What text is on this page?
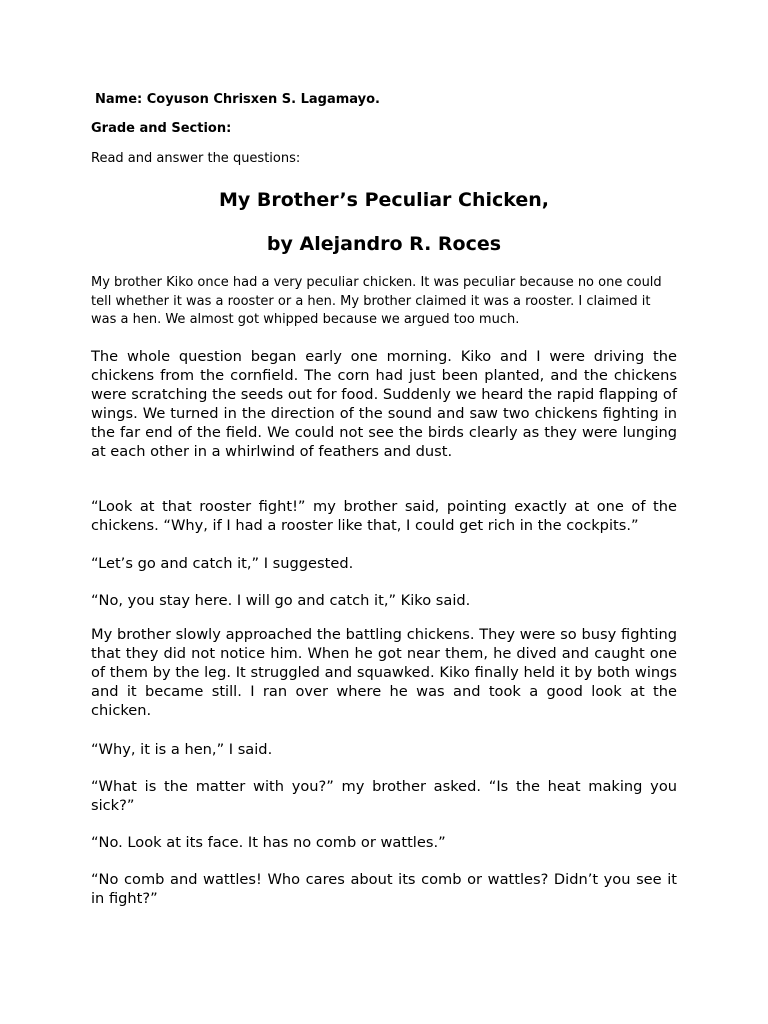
Name: Coyuson Chrisxen S. Lagamayo.

Grade and Section:

Read and answer the questions:

My Brother’s Peculiar Chicken,
by Alejandro R. Roces

My brother Kiko once had a very peculiar chicken. It was peculiar because no one could tell whether it was a rooster or a hen. My brother claimed it was a rooster. I claimed it was a hen. We almost got whipped because we argued too much.

The whole question began early one morning. Kiko and I were driving the chickens from the cornfield. The corn had just been planted, and the chickens were scratching the seeds out for food. Suddenly we heard the rapid flapping of wings. We turned in the direction of the sound and saw two chickens fighting in the far end of the field. We could not see the birds clearly as they were lunging at each other in a whirlwind of feathers and dust.

“Look at that rooster fight!” my brother said, pointing exactly at one of the chickens. “Why, if I had a rooster like that, I could get rich in the cockpits.”

“Let’s go and catch it,” I suggested.

“No, you stay here. I will go and catch it,” Kiko said.

My brother slowly approached the battling chickens. They were so busy fighting that they did not notice him. When he got near them, he dived and caught one of them by the leg. It struggled and squawked. Kiko finally held it by both wings and it became still. I ran over where he was and took a good look at the chicken.

“Why, it is a hen,” I said.

“What is the matter with you?” my brother asked. “Is the heat making you sick?”

“No. Look at its face. It has no comb or wattles.”

“No comb and wattles! Who cares about its comb or wattles? Didn’t you see it in fight?”
